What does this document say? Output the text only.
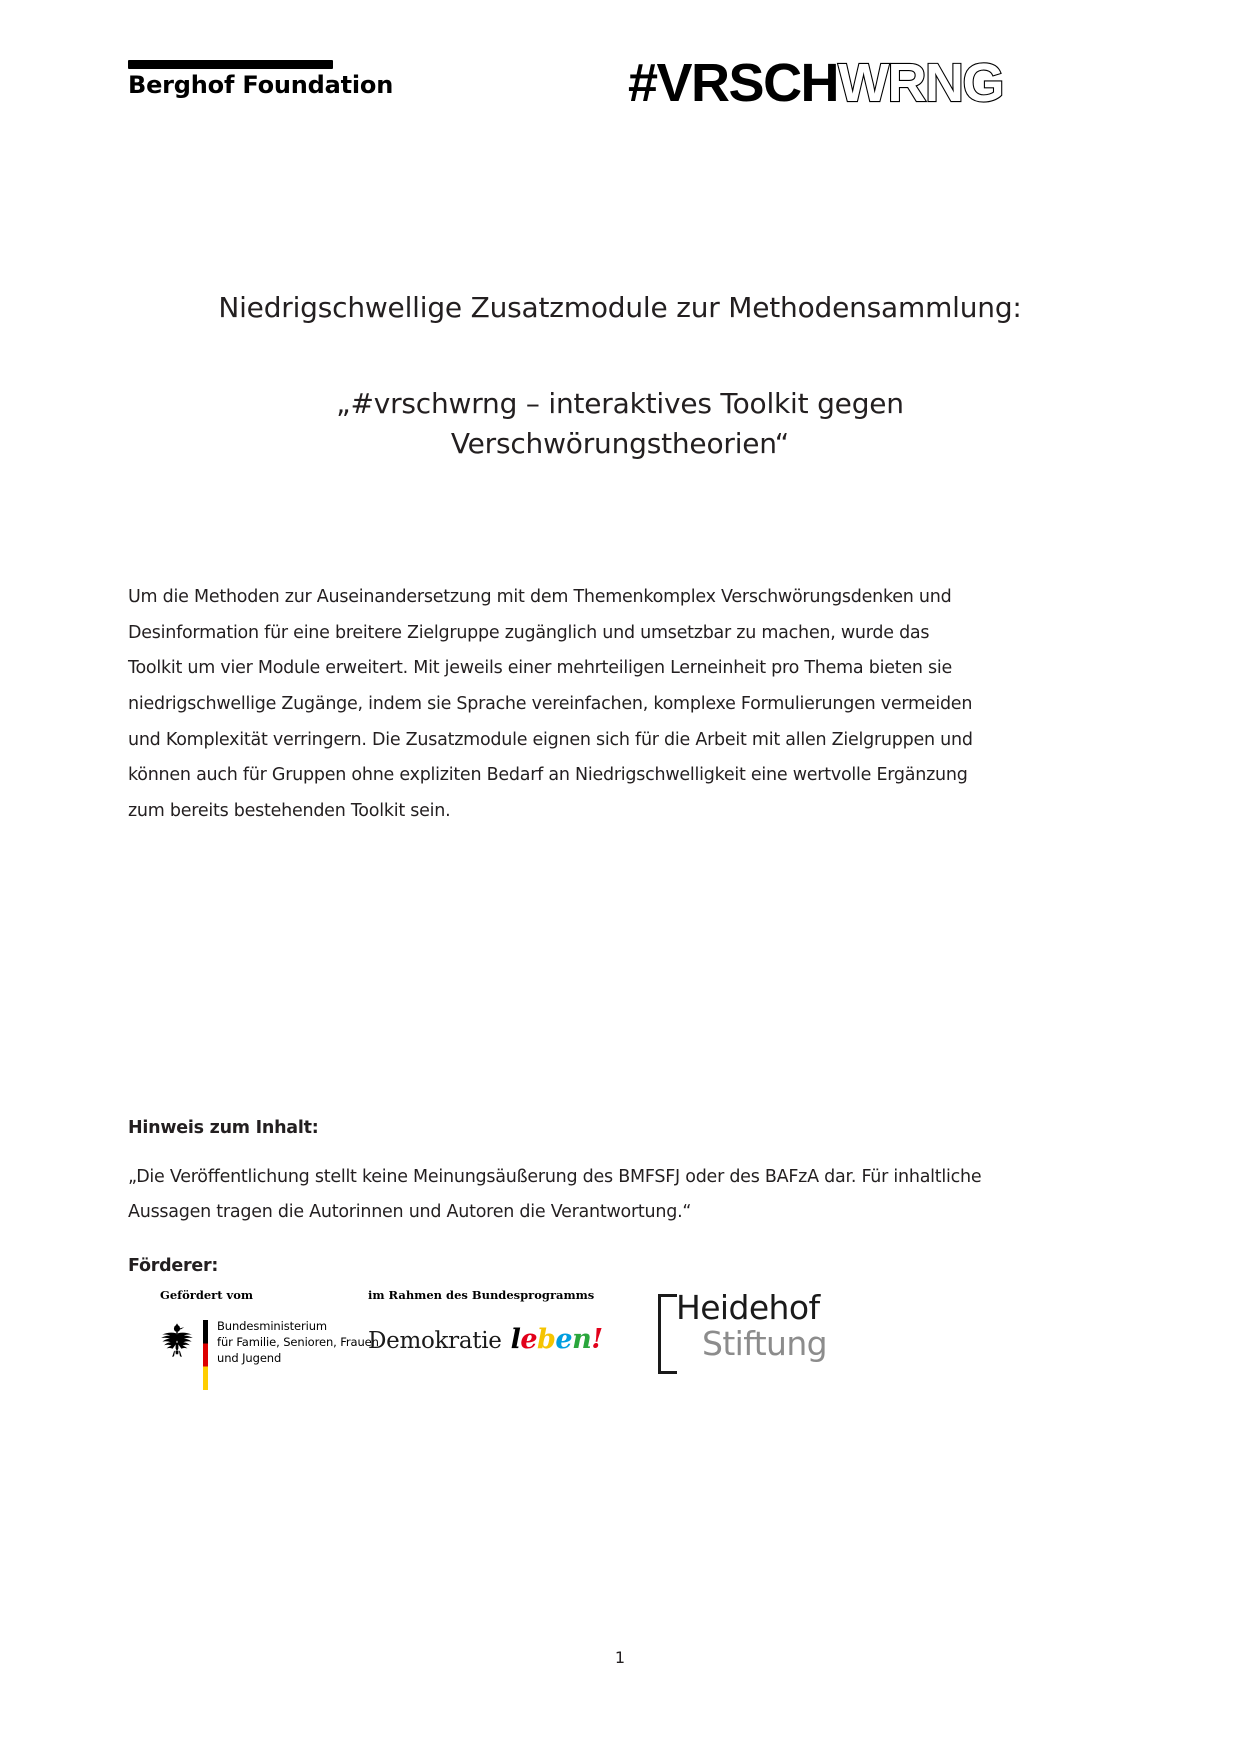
Berghof Foundation	#VRSCHWRNG
Niedrigschwellige Zusatzmodule zur Methodensammlung:
„#vrschwrng – interaktives Toolkit gegen
Verschwörungstheorien“
Um die Methoden zur Auseinandersetzung mit dem Themenkomplex Verschwörungsdenken und Desinformation für eine breitere Zielgruppe zugänglich und umsetzbar zu machen, wurde das Toolkit um vier Module erweitert. Mit jeweils einer mehrteiligen Lerneinheit pro Thema bieten sie niedrigschwellige Zugänge, indem sie Sprache vereinfachen, komplexe Formulierungen vermeiden und Komplexität verringern. Die Zusatzmodule eignen sich für die Arbeit mit allen Zielgruppen und können auch für Gruppen ohne expliziten Bedarf an Niedrigschwelligkeit eine wertvolle Ergänzung zum bereits bestehenden Toolkit sein.
Hinweis zum Inhalt:
„Die Veröffentlichung stellt keine Meinungsäußerung des BMFSFJ oder des BAFzA dar. Für inhaltliche Aussagen tragen die Autorinnen und Autoren die Verantwortung.“
Förderer:
Gefördert vom
Bundesministerium
für Familie, Senioren, Frauen
und Jugend
im Rahmen des Bundesprogramms
Demokratie leben!
Heidehof
Stiftung
1
